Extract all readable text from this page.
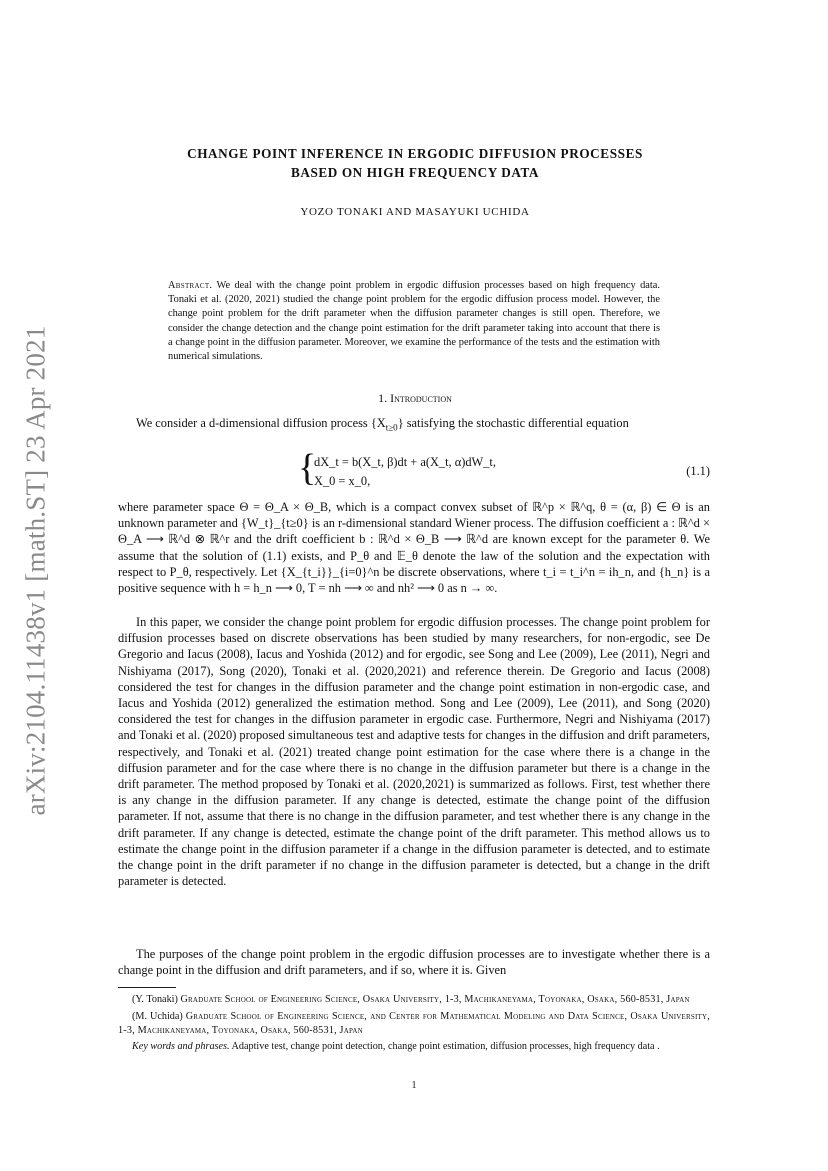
arXiv:2104.11438v1 [math.ST] 23 Apr 2021
CHANGE POINT INFERENCE IN ERGODIC DIFFUSION PROCESSES
BASED ON HIGH FREQUENCY DATA
YOZO TONAKI AND MASAYUKI UCHIDA
Abstract. We deal with the change point problem in ergodic diffusion processes based on high frequency data. Tonaki et al. (2020, 2021) studied the change point problem for the ergodic diffusion process model. However, the change point problem for the drift parameter when the diffusion parameter changes is still open. Therefore, we consider the change detection and the change point estimation for the drift parameter taking into account that there is a change point in the diffusion parameter. Moreover, we examine the performance of the tests and the estimation with numerical simulations.
1. Introduction

We consider a d-dimensional diffusion process $\{X_{t\ge 0}\}$ satisfying the stochastic differential equation

{
dX_t = b(X_t, β)dt + a(X_t, α)dW_t,
X_0 = x_0,
(1.1)

where parameter space Θ = Θ_A × Θ_B, which is a compact convex subset of ℝ^p × ℝ^q, θ = (α, β) ∈ Θ is an unknown parameter and {W_t}_{t≥0} is an r-dimensional standard Wiener process. The diffusion coefficient a : ℝ^d × Θ_A ⟶ ℝ^d ⊗ ℝ^r and the drift coefficient b : ℝ^d × Θ_B ⟶ ℝ^d are known except for the parameter θ. We assume that the solution of (1.1) exists, and P_θ and 𝔼_θ denote the law of the solution and the expectation with respect to P_θ, respectively. Let {X_{t_i}}_{i=0}^n be discrete observations, where t_i = t_i^n = ih_n, and {h_n} is a positive sequence with h = h_n ⟶ 0, T = nh ⟶ ∞ and nh² ⟶ 0 as n → ∞.

In this paper, we consider the change point problem for ergodic diffusion processes. The change point problem for diffusion processes based on discrete observations has been studied by many researchers, for non-ergodic, see De Gregorio and Iacus (2008), Iacus and Yoshida (2012) and for ergodic, see Song and Lee (2009), Lee (2011), Negri and Nishiyama (2017), Song (2020), Tonaki et al. (2020,2021) and reference therein. De Gregorio and Iacus (2008) considered the test for changes in the diffusion parameter and the change point estimation in non-ergodic case, and Iacus and Yoshida (2012) generalized the estimation method. Song and Lee (2009), Lee (2011), and Song (2020) considered the test for changes in the diffusion parameter in ergodic case. Furthermore, Negri and Nishiyama (2017) and Tonaki et al. (2020) proposed simultaneous test and adaptive tests for changes in the diffusion and drift parameters, respectively, and Tonaki et al. (2021) treated change point estimation for the case where there is a change in the diffusion parameter and for the case where there is no change in the diffusion parameter but there is a change in the drift parameter. The method proposed by Tonaki et al. (2020,2021) is summarized as follows. First, test whether there is any change in the diffusion parameter. If any change is detected, estimate the change point of the diffusion parameter. If not, assume that there is no change in the diffusion parameter, and test whether there is any change in the drift parameter. If any change is detected, estimate the change point of the drift parameter. This method allows us to estimate the change point in the diffusion parameter if a change in the diffusion parameter is detected, and to estimate the change point in the drift parameter if no change in the diffusion parameter is detected, but a change in the drift parameter is detected.

The purposes of the change point problem in the ergodic diffusion processes are to investigate whether there is a change point in the diffusion and drift parameters, and if so, where it is. Given

(Y. Tonaki) Graduate School of Engineering Science, Osaka University, 1-3, Machikaneyama, Toyonaka, Osaka, 560-8531, Japan

(M. Uchida) Graduate School of Engineering Science, and Center for Mathematical Modeling and Data Science, Osaka University, 1-3, Machikaneyama, Toyonaka, Osaka, 560-8531, Japan

Key words and phrases. Adaptive test, change point detection, change point estimation, diffusion processes, high frequency data .

1
